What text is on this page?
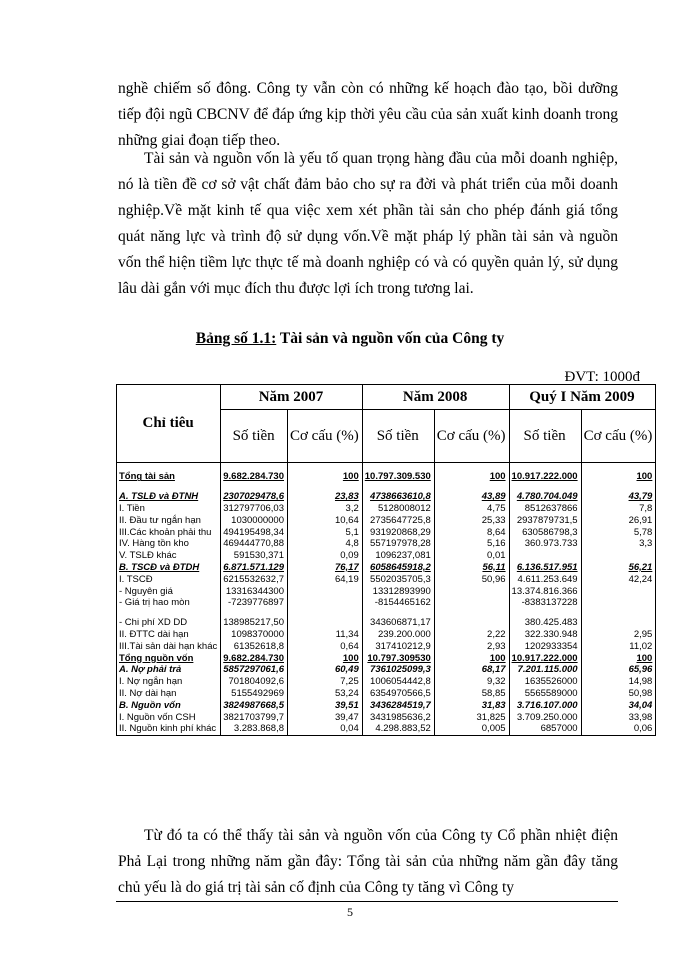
nghề chiếm số đông. Công ty vẫn còn có những kế hoạch đào tạo, bồi dưỡng tiếp đội ngũ CBCNV để đáp ứng kịp thời yêu cầu của sản xuất kinh doanh trong những giai đoạn tiếp theo.

Tài sản và nguồn vốn là yếu tố quan trọng hàng đầu của mỗi doanh nghiệp, nó là tiền đề cơ sở vật chất đảm bảo cho sự ra đời và phát triển của mỗi doanh nghiệp.Về mặt kinh tế qua việc xem xét phần tài sản cho phép đánh giá tổng quát năng lực và trình độ sử dụng vốn.Về mặt pháp lý phần tài sản và nguồn vốn thể hiện tiềm lực thực tế mà doanh nghiệp có và có quyền quản lý, sử dụng lâu dài gắn với mục đích thu được lợi ích trong tương lai.

Bảng số 1.1: Tài sản và nguồn vốn của Công ty
ĐVT: 1000đ
Chỉ tiêu	Năm 2007		Năm 2008		Quý I Năm 2009	
	Số tiền	Cơ cấu (%)	Số tiền	Cơ cấu (%)	Số tiền	Cơ cấu (%)

Tổng tài sản	9.682.284.730	100	10.797.309.530	100	10.917.222.000	100

A. TSLĐ và ĐTNH	2307029478,6	23,83	4738663610,8	43,89	4.780.704.049	43,79
I. Tiền	312797706,03	3,2	5128008012	4,75	8512637866	7,8
II. Đầu tư ngắn hạn	1030000000	10,64	2735647725,8	25,33	2937879731,5	26,91
III.Các khoản phải thu	494195498,34	5,1	931920868,29	8,64	630586798,3	5,78
IV. Hàng tồn kho	469444770,88	4,8	557197978,28	5,16	360.973.733	3,3
V. TSLĐ khác	591530,371	0,09	1096237,081	0,01		
B. TSCĐ và ĐTDH	6.871.571.129	76,17	6058645918,2	56,11	6.136.517.951	56,21
I. TSCĐ	6215532632,7	64,19	5502035705,3	50,96	4.611.253.649	42,24
- Nguyên giá	13316344300		13312893990		13.374.816.366	
- Giá trị hao mòn	-7239776897		-8154465162		-8383137228	

- Chi phí XD DD	138985217,50		343606871,17		380.425.483	
II. ĐTTC dài hạn	1098370000	11,34	239.200.000	2,22	322.330.948	2,95
III.Tài sản dài hạn khác	61352618,8	0,64	317410212,9	2,93	1202933354	11,02
Tổng nguồn vốn	9.682.284.730	100	10.797.309530	100	10.917.222.000	100
A. Nợ phải trả	5857297061,6	60,49	7361025099,3	68,17	7.201.115.000	65,96
I. Nợ ngắn hạn	701804092,6	7,25	1006054442,8	9,32	1635526000	14,98
II. Nợ dài hạn	5155492969	53,24	6354970566,5	58,85	5565589000	50,98
B. Nguồn vốn	3824987668,5	39,51	3436284519,7	31,83	3.716.107.000	34,04
I. Nguồn vốn CSH	3821703799,7	39,47	3431985636,2	31,825	3.709.250.000	33,98
II. Nguồn kinh phí khác	3.283.868,8	0,04	4.298.883,52	0,005	6857000	0,06

Từ đó ta có thể thấy tài sản và nguồn vốn của Công ty Cổ phần nhiệt điện Phả Lại trong những năm gần đây: Tổng tài sản của những năm gần đây tăng chủ yếu là do giá trị tài sản cố định của Công ty tăng vì Công ty

5
